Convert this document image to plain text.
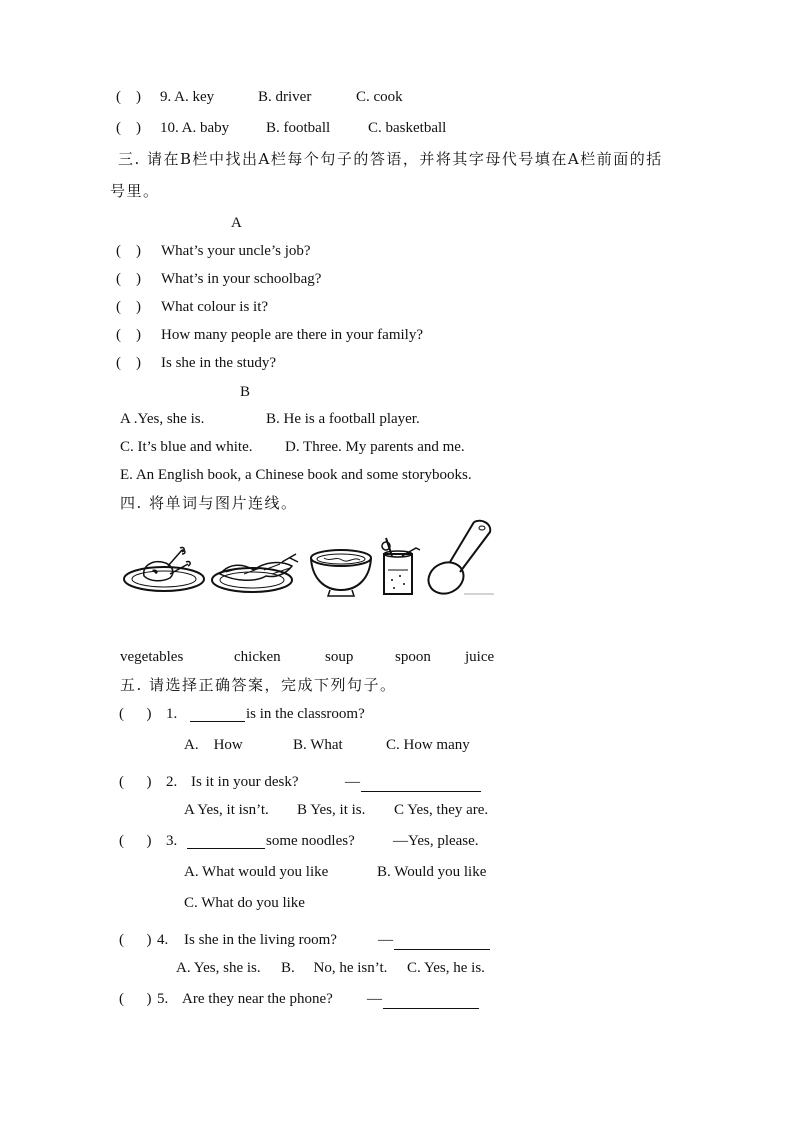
(    ) 9. A. key	B. driver	C. cook
(    ) 10. A. baby B. football	C. basketball
三. 请在B栏中找出A栏每个句子的答语，并将其字母代号填在A栏前面的括
号里。
A
(    ) What’s your uncle’s job?
(    ) What’s in your schoolbag?
(    ) What colour is it?
(    ) How many people are there in your family?
(    ) Is she in the study?
B
A .Yes, she is.	B. He is a football player.
C. It’s blue and white. D. Three. My parents and me.
E. An English book, a Chinese book and some storybooks.
四. 将单词与图片连线。
vegetables	chicken	soup	spoon juice
五. 请选择正确答案，完成下列句子。
(      ) 1.	is in the classroom?
A.    How	B. What	C. How many
(      ) 2. Is it in your desk?	—
A Yes, it isn’t. B Yes, it is. C Yes, they are.
(      ) 3.	some noodles?	—Yes, please.
A. What would you like	B. Would you like
C. What do you like
(      ) 4. Is she in the living room?	—
A. Yes, she is. B.     No, he isn’t. C. Yes, he is.
(      ) 5. Are they near the phone? —
